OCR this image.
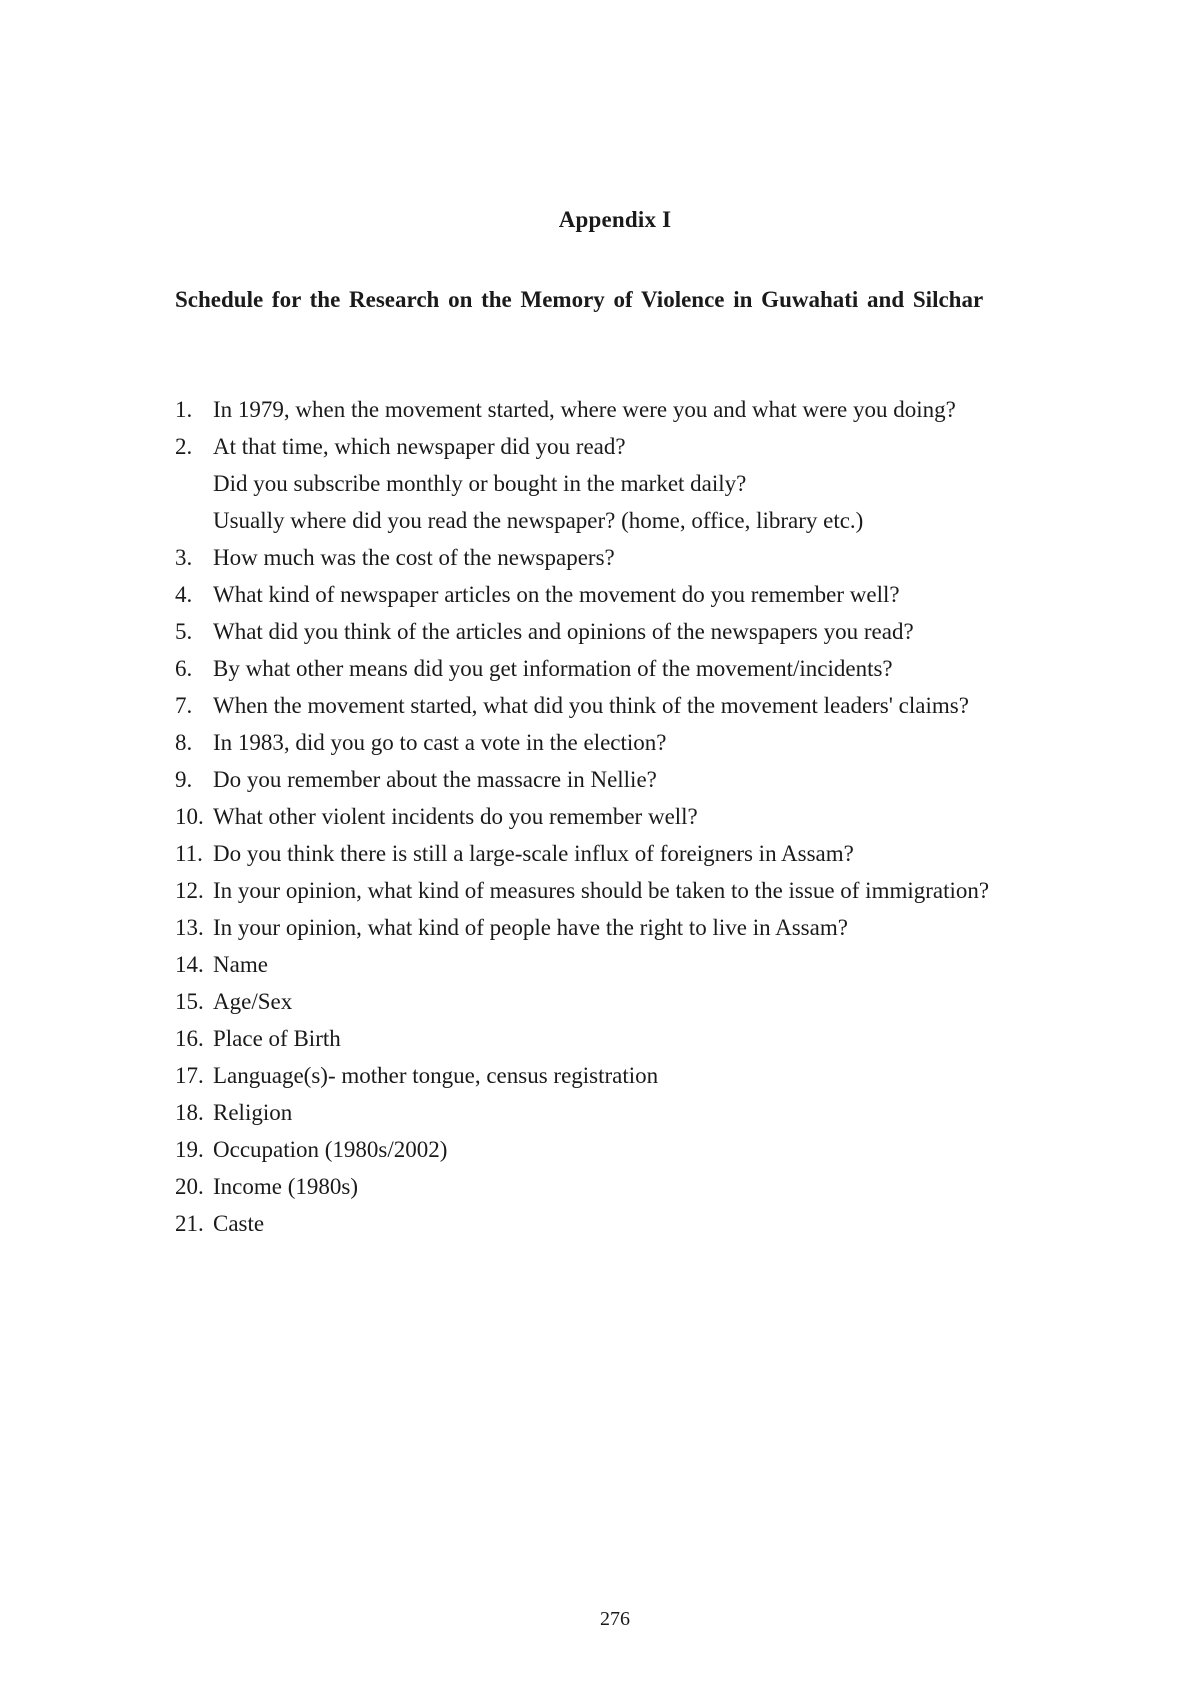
Appendix I
Schedule for the Research on the Memory of Violence in Guwahati and Silchar
1. In 1979, when the movement started, where were you and what were you doing?
2. At that time, which newspaper did you read?
Did you subscribe monthly or bought in the market daily?
Usually where did you read the newspaper? (home, office, library etc.)
3. How much was the cost of the newspapers?
4. What kind of newspaper articles on the movement do you remember well?
5. What did you think of the articles and opinions of the newspapers you read?
6. By what other means did you get information of the movement/incidents?
7. When the movement started, what did you think of the movement leaders' claims?
8. In 1983, did you go to cast a vote in the election?
9. Do you remember about the massacre in Nellie?
10. What other violent incidents do you remember well?
11. Do you think there is still a large-scale influx of foreigners in Assam?
12. In your opinion, what kind of measures should be taken to the issue of immigration?
13. In your opinion, what kind of people have the right to live in Assam?
14. Name
15. Age/Sex
16. Place of Birth
17. Language(s)- mother tongue, census registration
18. Religion
19. Occupation (1980s/2002)
20. Income (1980s)
21. Caste
276
